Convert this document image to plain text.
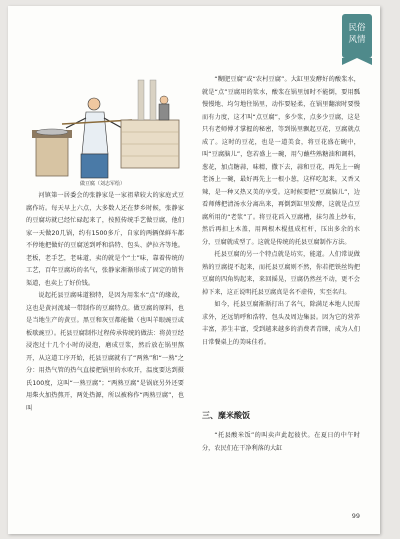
民俗
风情
做豆腐（刘志军绘）

河镇第一居委会的张静家是一家祖辈较大的家庭式豆腐作坊。每天早上六点，大多数人还在梦乡时候，张静家的豆腐坊就已经忙碌起来了，按照传统手艺做豆腐，他们家一天做20几锅，约有1500多斤，自家的两辆保鲜车都不停地把做好的豆腐送到呼和浩特、包头、萨拉齐等地。老板，老手艺，老味道，卖的就是个“土”味，靠着传统的工艺，百年豆腐坊的名气，张静家渐渐形成了固定的销售渠道，也卖上了好价钱。

说起托县豆腐味道独特，是因为用浆水“点”的缘故，这也是黄河流域一带制作的豆腐特点。做豆腐的原料，也是当地生产的黄豆。黑豆和灰豆都能做（也叫羊眼豌豆或板歇豌豆）。托县豆腐制作过程传承传统的做法：将黄豆经浸泡过十几个小时的浸泡，磨成豆浆，然后放在锅里熬开，从这道工序开始，托县豆腐就有了“两熟”和“一熟”之分：用热气管的热气直接把锅里的水吹开，温度要达到摄氏100度，这叫“一熟豆腐”；“两熟豆腐”是锅底另外还要用柴火加热熬开，两处热源，所以被称作“两熟豆腐”，也叫

“糊肥豆腐”或“农村豆腐”。大缸里发酵好的酸浆水，就是“点”豆腐用的浆水，酸浆在锅里加时不能倒，要用瓢慢慢地、均匀地往锅里，动作要轻柔，在锅里翻滚时要慢而有力度，这才叫“点豆腐”，多少浆，点多少豆腐，这是只有老师傅才掌握的秘密，等到锅里飘起豆花，豆腐就点成了。这时的豆花，也是一道美食，将豆花盛在碗中，叫“豆腐脑儿”，您若盛上一碗，用勺蘸些熟糖油和调料，葱花，加点糖蒜，味精，撒下去，蒜和豆花，再先上一碗老汤上一碗，最好再先上一根小葱，这样吃起来，又香又辣，是一种又热又美的享受。这时候要把“豆腐脑儿”，边看师傅把清汤水分离出来，再倒到缸里发酵，这就是点豆腐所用的“老浆”了。将豆花舀入豆腐槽，抹匀盖上纱布，然后再扣上木盖，用两根木棍扭成杠杆，压出多余的水分，豆腐就成型了。这就是传统的托县豆腐制作方法。

托县豆腐的另一个特点就是坊实，能道。人们常说做熟的豆腐提不起来，而托县豆腐则不然，你若把铁丝钩把豆腐的四角钩起来，来回摇晃，豆腐仍然丝不动，更不会掉下来，这正说明托县豆腐真是名不虚传，实至名归。

如今，托县豆腐渐渐打出了名气，除满足本地人民需求外，还远销呼和浩特、包头及周边集县。因为它的营养丰富，养生丰富，受到越来越多的消费者青睐，成为人们日常餐桌上的美味佳肴。

三、糜米酸饭

“托县酸米饭”的叫卖声此起彼伏。在夏日的中午时分，农民们在干净利落的大缸

99
